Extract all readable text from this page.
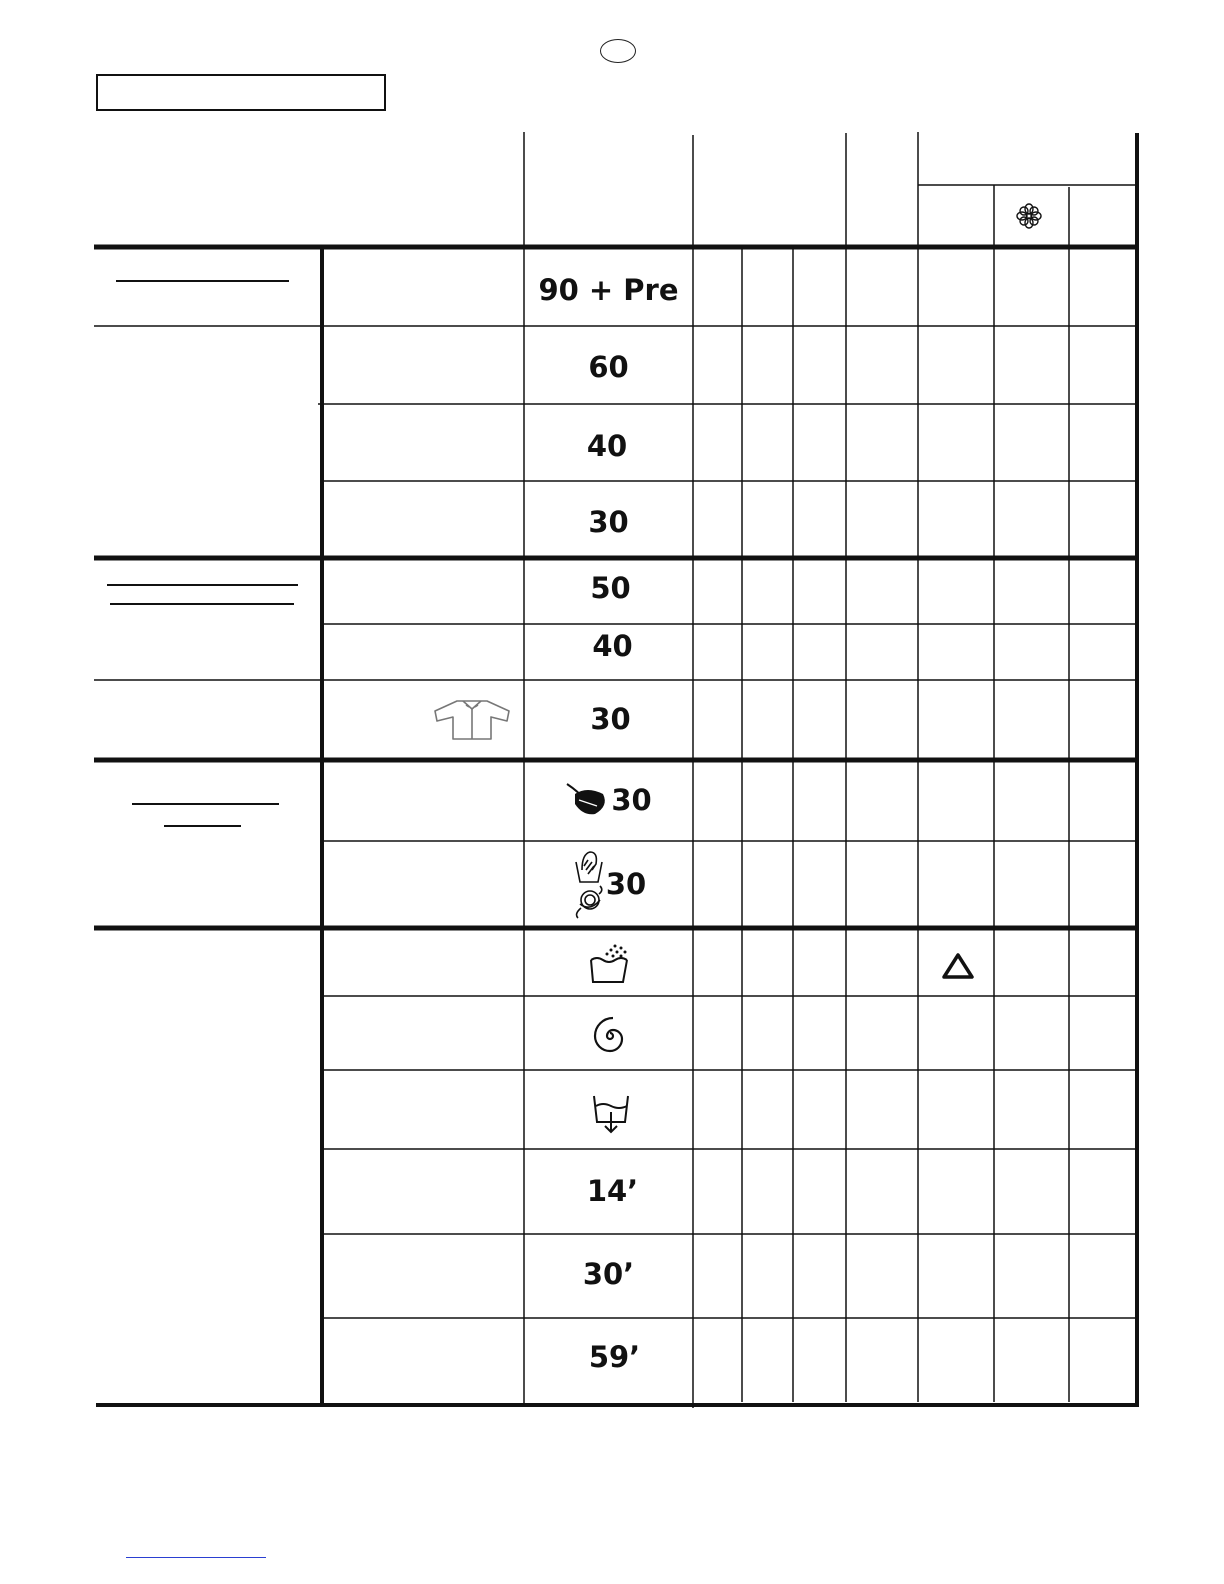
90 + Pre
60
40
30
50
40
30
30
30
14’
30’
59’
